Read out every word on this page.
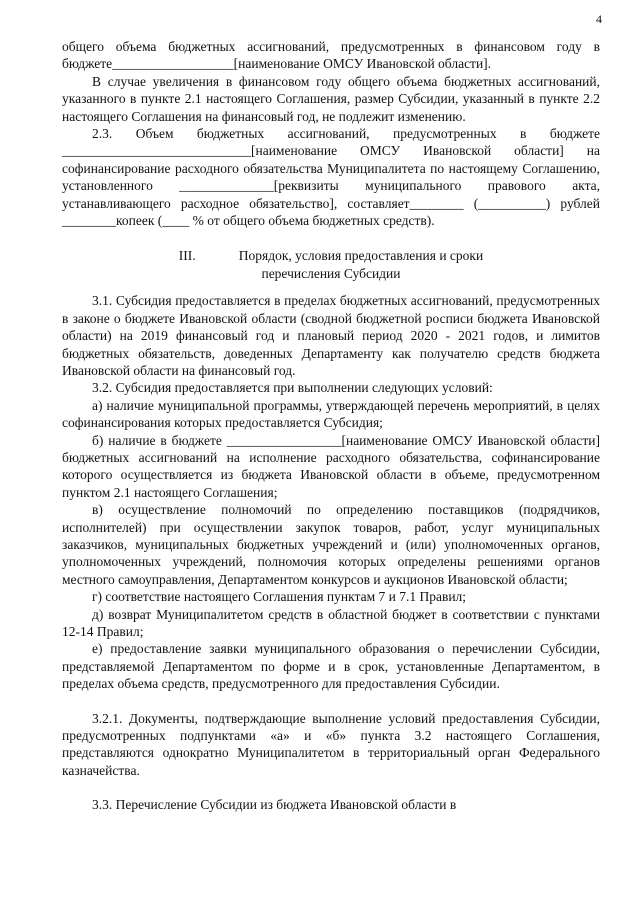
4

общего объема бюджетных ассигнований, предусмотренных в финансовом году в бюджете__________________[наименование ОМСУ Ивановской области].

В случае увеличения в финансовом году общего объема бюджетных ассигнований, указанного в пункте 2.1 настоящего Соглашения, размер Субсидии, указанный в пункте 2.2 настоящего Соглашения на финансовый год, не подлежит изменению.

2.3. Объем бюджетных ассигнований, предусмотренных в бюджете ____________________________[наименование ОМСУ Ивановской области] на софинансирование расходного обязательства Муниципалитета по настоящему Соглашению, установленного ______________[реквизиты муниципального правового акта, устанавливающего расходное обязательство], составляет________ (__________) рублей ________копеек (____ % от общего объема бюджетных средств).

III.	Порядок, условия предоставления и сроки
перечисления Субсидии

3.1. Субсидия предоставляется в пределах бюджетных ассигнований, предусмотренных в законе о бюджете Ивановской области (сводной бюджетной росписи бюджета Ивановской области) на 2019 финансовый год и плановый период 2020 - 2021 годов, и лимитов бюджетных обязательств, доведенных Департаменту как получателю средств бюджета Ивановской области на финансовый год.

3.2. Субсидия предоставляется при выполнении следующих условий:

а) наличие муниципальной программы, утверждающей перечень мероприятий, в целях софинансирования которых предоставляется Субсидия;

б) наличие в бюджете _________________[наименование ОМСУ Ивановской области] бюджетных ассигнований на исполнение расходного обязательства, софинансирование которого осуществляется из бюджета Ивановской области в объеме, предусмотренном пунктом 2.1 настоящего Соглашения;

в) осуществление полномочий по определению поставщиков (подрядчиков, исполнителей) при осуществлении закупок товаров, работ, услуг муниципальных заказчиков, муниципальных бюджетных учреждений и (или) уполномоченных органов, уполномоченных учреждений, полномочия которых определены решениями органов местного самоуправления, Департаментом конкурсов и аукционов Ивановской области;

г) соответствие настоящего Соглашения пунктам 7 и 7.1 Правил;

д) возврат Муниципалитетом средств в областной бюджет в соответствии с пунктами 12-14 Правил;

е) предоставление заявки муниципального образования о перечислении Субсидии, представляемой Департаментом по форме и в срок, установленные Департаментом, в пределах объема средств, предусмотренного для предоставления Субсидии.

3.2.1. Документы, подтверждающие выполнение условий предоставления Субсидии, предусмотренных подпунктами «а» и «б» пункта 3.2 настоящего Соглашения, представляются однократно Муниципалитетом в территориальный орган Федерального казначейства.

3.3. Перечисление Субсидии из бюджета Ивановской области в
